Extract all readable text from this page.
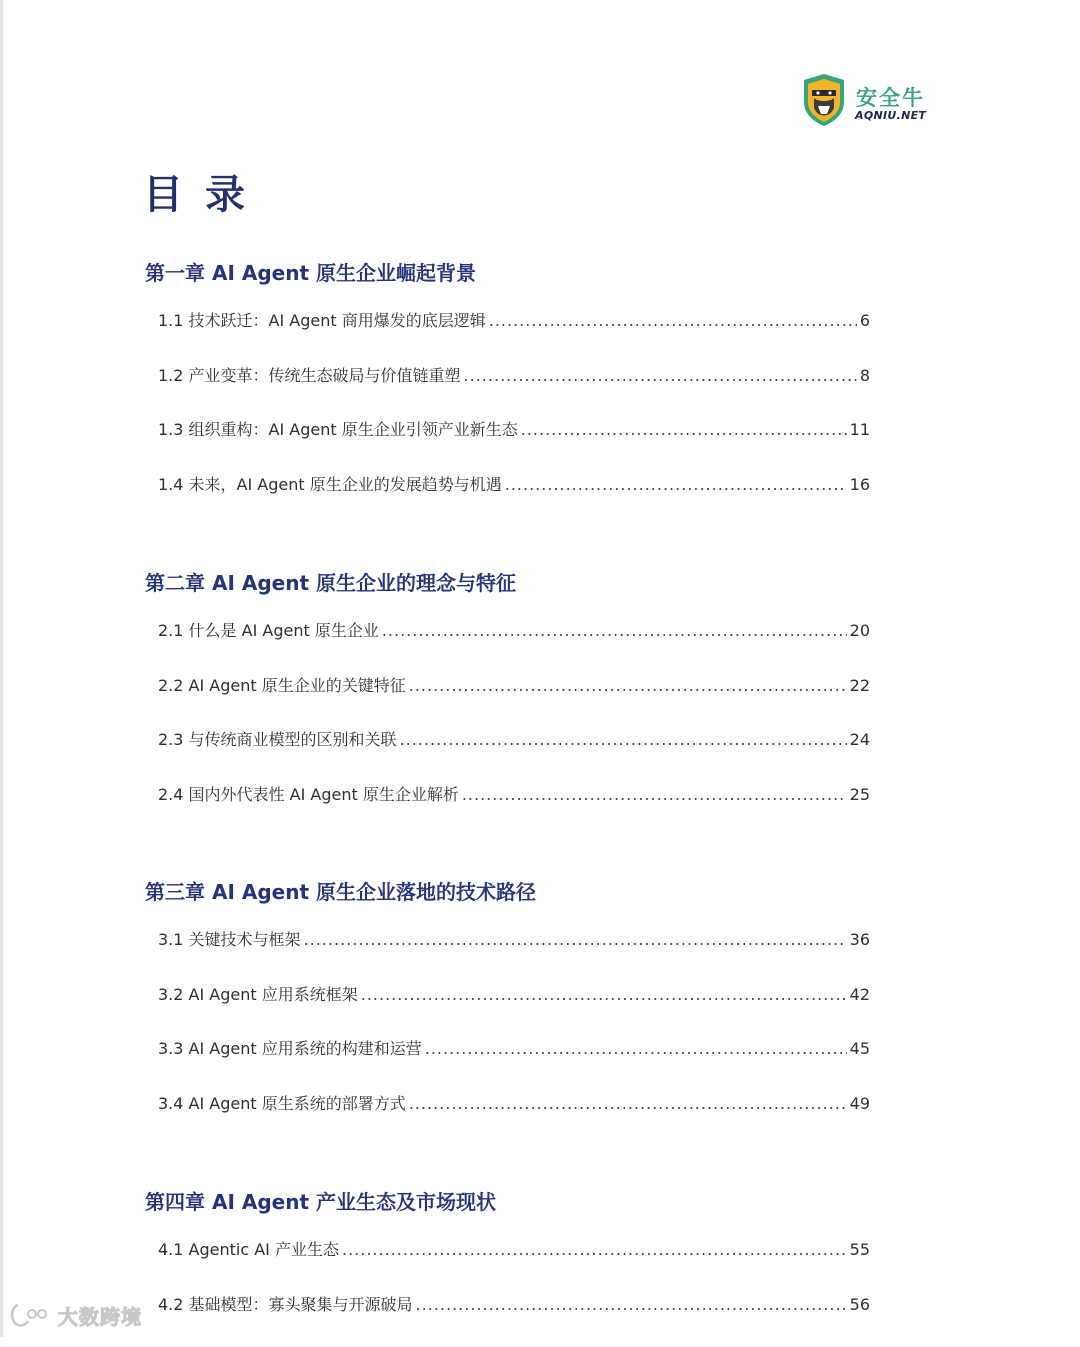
安全牛
AQNIU.NET
目录
第一章 AI Agent 原生企业崛起背景
1.1 技术跃迁：AI Agent 商用爆发的底层逻辑 .....	6
1.2 产业变革：传统生态破局与价值链重塑 .....	8
1.3 组织重构：AI Agent 原生企业引领产业新生态 .....	11
1.4 未来，AI Agent 原生企业的发展趋势与机遇 .....	16
第二章 AI Agent 原生企业的理念与特征
2.1 什么是 AI Agent 原生企业 .....	20
2.2 AI Agent 原生企业的关键特征 .....	22
2.3 与传统商业模型的区别和关联 .....	24
2.4 国内外代表性 AI Agent 原生企业解析 .....	25
第三章 AI Agent 原生企业落地的技术路径
3.1 关键技术与框架 .....	36
3.2 AI Agent 应用系统框架 .....	42
3.3 AI Agent 应用系统的构建和运营 .....	45
3.4 AI Agent 原生系统的部署方式 .....	49
第四章 AI Agent 产业生态及市场现状
4.1 Agentic AI 产业生态 .....	55
4.2 基础模型：寡头聚集与开源破局 .....	56
大数跨境
